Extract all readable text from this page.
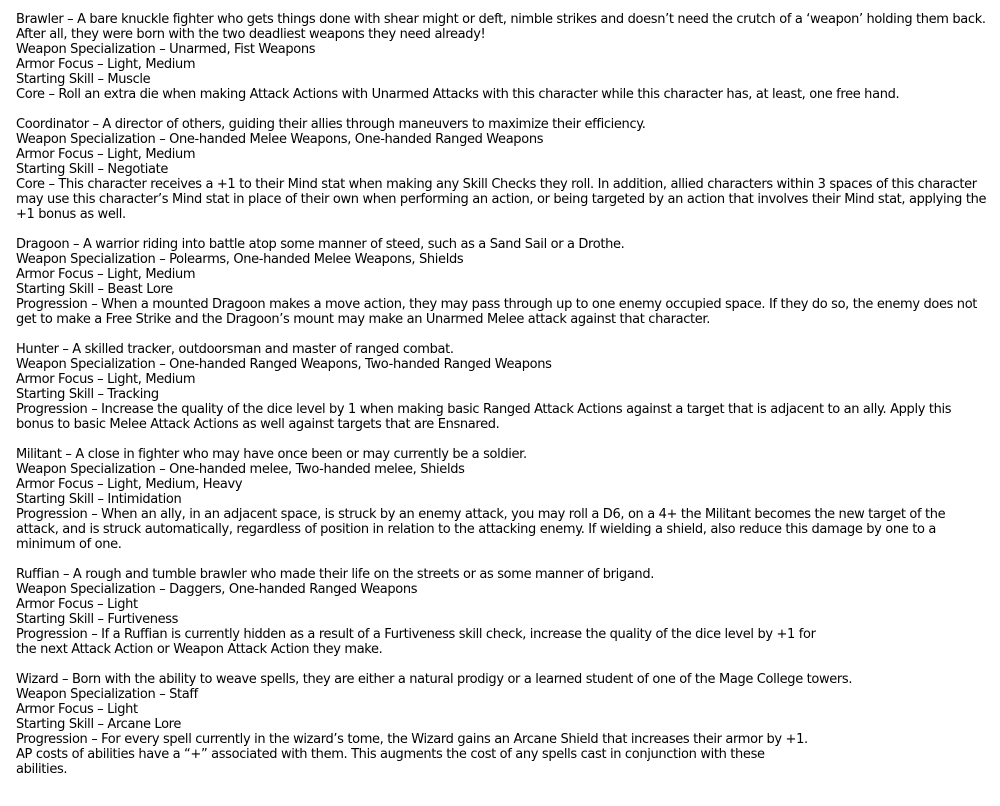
Brawler – A bare knuckle fighter who gets things done with shear might or deft, nimble strikes and doesn’t need the crutch of a ‘weapon’ holding them back. After all, they were born with the two deadliest weapons they need already!
Weapon Specialization – Unarmed, Fist Weapons
Armor Focus – Light, Medium
Starting Skill – Muscle
Core – Roll an extra die when making Attack Actions with Unarmed Attacks with this character while this character has, at least, one free hand.
Coordinator – A director of others, guiding their allies through maneuvers to maximize their efficiency.
Weapon Specialization – One-handed Melee Weapons, One-handed Ranged Weapons
Armor Focus – Light, Medium
Starting Skill – Negotiate
Core – This character receives a +1 to their Mind stat when making any Skill Checks they roll. In addition, allied characters within 3 spaces of this character may use this character’s Mind stat in place of their own when performing an action, or being targeted by an action that involves their Mind stat, applying the +1 bonus as well.
Dragoon – A warrior riding into battle atop some manner of steed, such as a Sand Sail or a Drothe.
Weapon Specialization – Polearms, One-handed Melee Weapons, Shields
Armor Focus – Light, Medium
Starting Skill – Beast Lore
Progression – When a mounted Dragoon makes a move action, they may pass through up to one enemy occupied space. If they do so, the enemy does not get to make a Free Strike and the Dragoon’s mount may make an Unarmed Melee attack against that character.
Hunter – A skilled tracker, outdoorsman and master of ranged combat.
Weapon Specialization – One-handed Ranged Weapons, Two-handed Ranged Weapons
Armor Focus – Light, Medium
Starting Skill – Tracking
Progression – Increase the quality of the dice level by 1 when making basic Ranged Attack Actions against a target that is adjacent to an ally. Apply this bonus to basic Melee Attack Actions as well against targets that are Ensnared.
Militant – A close in fighter who may have once been or may currently be a soldier.
Weapon Specialization – One-handed melee, Two-handed melee, Shields
Armor Focus – Light, Medium, Heavy
Starting Skill – Intimidation
Progression – When an ally, in an adjacent space, is struck by an enemy attack, you may roll a D6, on a 4+ the Militant becomes the new target of the attack, and is struck automatically, regardless of position in relation to the attacking enemy. If wielding a shield, also reduce this damage by one to a minimum of one.
Ruffian – A rough and tumble brawler who made their life on the streets or as some manner of brigand.
Weapon Specialization – Daggers, One-handed Ranged Weapons
Armor Focus – Light
Starting Skill – Furtiveness
Progression – If a Ruffian is currently hidden as a result of a Furtiveness skill check, increase the quality of the dice level by +1 for the next Attack Action or Weapon Attack Action they make.
Wizard – Born with the ability to weave spells, they are either a natural prodigy or a learned student of one of the Mage College towers.
Weapon Specialization – Staff
Armor Focus – Light
Starting Skill – Arcane Lore
Progression – For every spell currently in the wizard’s tome, the Wizard gains an Arcane Shield that increases their armor by +1.
AP costs of abilities have a “+” associated with them. This augments the cost of any spells cast in conjunction with these abilities.
